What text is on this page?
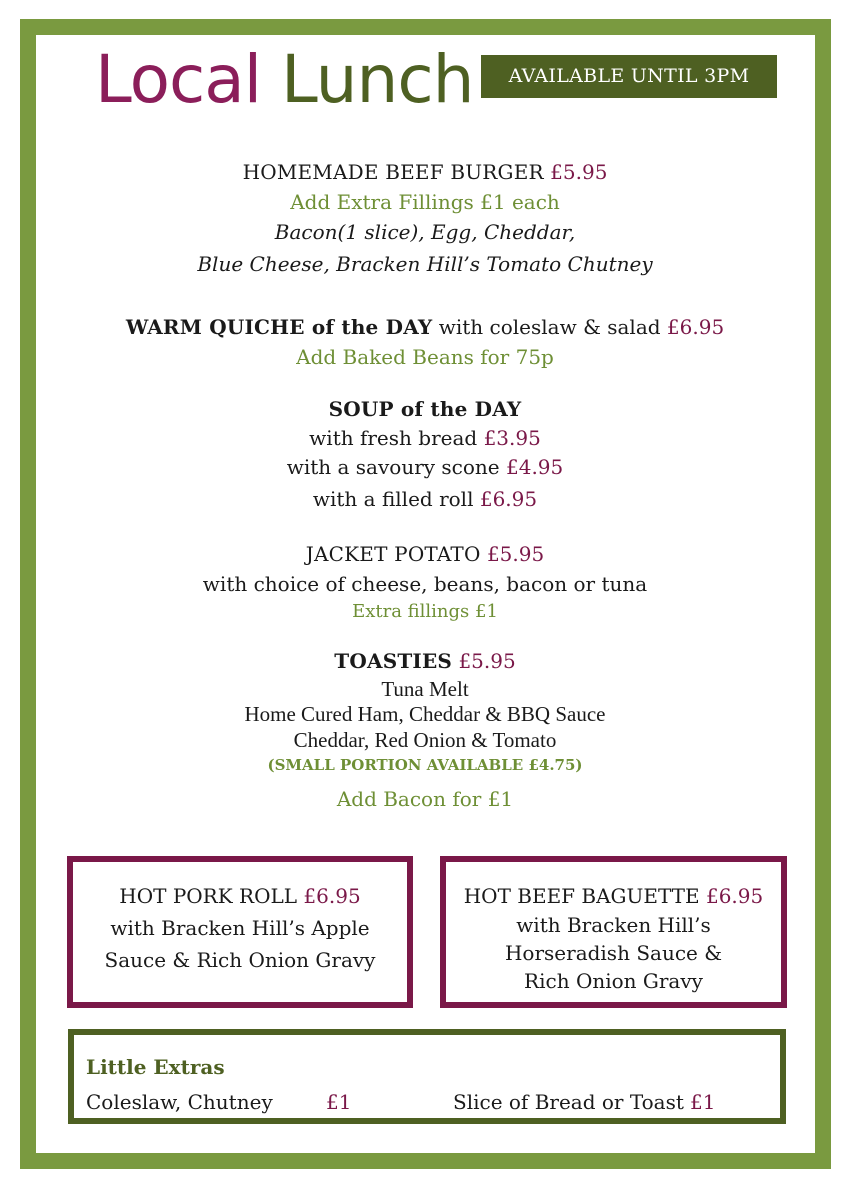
Local Lunch	AVAILABLE UNTIL 3PM
HOMEMADE BEEF BURGER £5.95
Add Extra Fillings £1 each
Bacon(1 slice), Egg, Cheddar,
Blue Cheese, Bracken Hill’s Tomato Chutney
WARM QUICHE of the DAY with coleslaw & salad £6.95
Add Baked Beans for 75p
SOUP of the DAY
with fresh bread £3.95
with a savoury scone £4.95
with a filled roll £6.95
JACKET POTATO £5.95
with choice of cheese, beans, bacon or tuna
Extra fillings £1
TOASTIES £5.95
Tuna Melt
Home Cured Ham, Cheddar & BBQ Sauce
Cheddar, Red Onion & Tomato
(SMALL PORTION AVAILABLE £4.75)
Add Bacon for £1
HOT PORK ROLL £6.95
with Bracken Hill’s Apple
Sauce & Rich Onion Gravy
HOT BEEF BAGUETTE £6.95
with Bracken Hill’s
Horseradish Sauce &
Rich Onion Gravy
Little Extras
Coleslaw, Chutney	£1	Slice of Bread or Toast £1
